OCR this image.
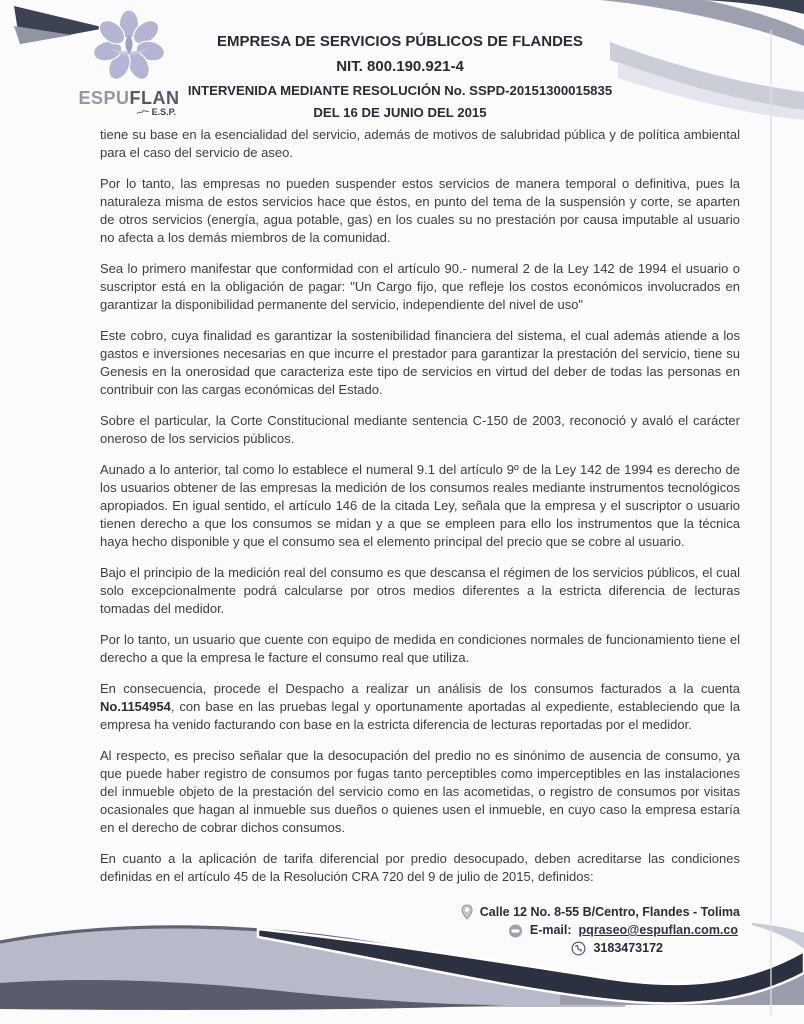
ESPUFLAN
E.S.P.
EMPRESA DE SERVICIOS PÚBLICOS DE FLANDES
NIT. 800.190.921-4
INTERVENIDA MEDIANTE RESOLUCIÓN No. SSPD-20151300015835
DEL 16 DE JUNIO DEL 2015

tiene su base en la esencialidad del servicio, además de motivos de salubridad pública y de política ambiental para el caso del servicio de aseo.

Por lo tanto, las empresas no pueden suspender estos servicios de manera temporal o definitiva, pues la naturaleza misma de estos servicios hace que éstos, en punto del tema de la suspensión y corte, se aparten de otros servicios (energía, agua potable, gas) en los cuales su no prestación por causa imputable al usuario no afecta a los demás miembros de la comunidad.

Sea lo primero manifestar que conformidad con el artículo 90.- numeral 2 de la Ley 142 de 1994 el usuario o suscriptor está en la obligación de pagar: "Un Cargo fijo, que refleje los costos económicos involucrados en garantizar la disponibilidad permanente del servicio, independiente del nivel de uso"

Este cobro, cuya finalidad es garantizar la sostenibilidad financiera del sistema, el cual además atiende a los gastos e inversiones necesarias en que incurre el prestador para garantizar la prestación del servicio, tiene su Genesis en la onerosidad que caracteriza este tipo de servicios en virtud del deber de todas las personas en contribuir con las cargas económicas del Estado.

Sobre el particular, la Corte Constitucional mediante sentencia C-150 de 2003, reconoció y avaló el carácter oneroso de los servicios públicos.

Aunado a lo anterior, tal como lo establece el numeral 9.1 del artículo 9º de la Ley 142 de 1994 es derecho de los usuarios obtener de las empresas la medición de los consumos reales mediante instrumentos tecnológicos apropiados. En igual sentido, el artículo 146 de la citada Ley, señala que la empresa y el suscriptor o usuario tienen derecho a que los consumos se midan y a que se empleen para ello los instrumentos que la técnica haya hecho disponible y que el consumo sea el elemento principal del precio que se cobre al usuario.

Bajo el principio de la medición real del consumo es que descansa el régimen de los servicios públicos, el cual solo excepcionalmente podrá calcularse por otros medios diferentes a la estricta diferencia de lecturas tomadas del medidor.

Por lo tanto, un usuario que cuente con equipo de medida en condiciones normales de funcionamiento tiene el derecho a que la empresa le facture el consumo real que utiliza.

En consecuencia, procede el Despacho a realizar un análisis de los consumos facturados a la cuenta No.1154954, con base en las pruebas legal y oportunamente aportadas al expediente, estableciendo que la empresa ha venido facturando con base en la estricta diferencia de lecturas reportadas por el medidor.

Al respecto, es preciso señalar que la desocupación del predio no es sinónimo de ausencia de consumo, ya que puede haber registro de consumos por fugas tanto perceptibles como imperceptibles en las instalaciones del inmueble objeto de la prestación del servicio como en las acometidas, o registro de consumos por visitas ocasionales que hagan al inmueble sus dueños o quienes usen el inmueble, en cuyo caso la empresa estaría en el derecho de cobrar dichos consumos.

En cuanto a la aplicación de tarifa diferencial por predio desocupado, deben acreditarse las condiciones definidas en el artículo 45 de la Resolución CRA 720 del 9 de julio de 2015, definidos:

Calle 12 No. 8-55 B/Centro, Flandes - Tolima
E-mail: pqraseo@espuflan.com.co
3183473172
